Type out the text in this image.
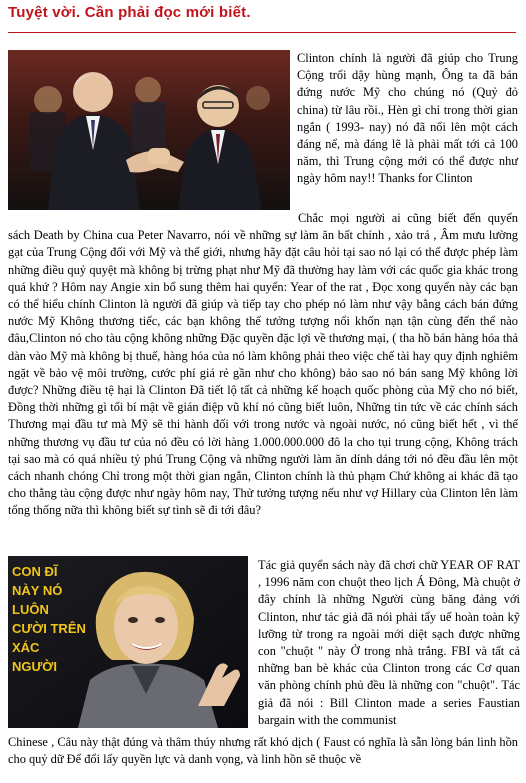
Tuyệt vời. Cần phải đọc mới biết.

Clinton chính là người đã giúp cho Trung Cộng trổi dậy hùng mạnh, Ông ta đã bán đứng nước Mỹ cho chúng nó (Quỷ đỏ china) từ lâu rồi., Hèn gì chỉ trong thời gian ngắn ( 1993- nay) nó đã nổi lên một cách đáng nể, mà đáng lẽ là phải mất tới cả 100 năm, thì Trung cộng mới có thể được như ngày hôm nay!! Thanks for Clinton

Chắc mọi người ai cũng biết đến quyển sách Death by China cua Peter Navarro, nói về những sự làm ăn bất chính , xảo trá , Âm mưu lường gạt của Trung Cộng đối với Mỹ và thế giới, nhưng hãy đặt câu hỏi tại sao nó lại có thể được phép làm những điều quỷ quyệt mà không bị trừng phạt như Mỹ đã thường hay làm với các quốc gia khác trong quá khứ ? Hôm nay Angie xin bổ sung thêm hai quyển: Year of the rat , Đọc xong quyển này các bạn có thể hiểu chính Clinton là người đã giúp và tiếp tay cho phép nó làm như vậy bằng cách bán đứng nước Mỹ Không thương tiếc, các bạn không thể tưởng tượng nổi khốn nạn tận cùng đến thế nào đâu,Clinton nó cho tàu cộng không những Đặc quyền đặc lợi về thương mại, ( tha hồ bán hàng hóa thả dàn vào Mỹ mà không bị thuế, hàng hóa của nó làm không phải theo việc chế tài hay quy định nghiêm ngặt về bảo vệ môi trường, cước phí giá rẻ gần như cho không) bảo sao nó bán sang Mỹ không lời được? Những điều tệ hại là Clinton Đã tiết lộ tất cả những kế hoạch quốc phòng của Mỹ cho nó biết, Đồng thời những gì tối bí mật về gián điệp vũ khí nó cũng biết luôn, Những tin tức về các chính sách Thương mại đầu tư mà Mỹ sẽ thi hành đối với trong nước và ngoài nước, nó cũng biết hết , vì thế những thương vụ đầu tư của nó đều có lời hàng 1.000.000.000 đô la cho tụi trung cộng, Không trách tại sao mà có quá nhiều tỷ phú Trung Cộng và những người làm ăn dính dáng tới nó đều đầu lên một cách nhanh chóng Chỉ trong một thời gian ngắn, Clinton chính là thủ phạm Chứ không ai khác đã tạo cho thằng tàu cộng được như ngày hôm nay, Thử tưởng tượng nếu như vợ Hillary của Clinton lên làm tổng thống nữa thì không biết sự tình sẽ đi tới đâu?

CON ĐĨ NÀY NÓ LUÔN CƯỜI TRÊN XÁC NGƯỜI

Tác giả quyển sách này đã chơi chữ YEAR OF RAT , 1996 năm con chuột theo lịch Á Đông, Mà chuột ở đây chính là những Người cùng băng đảng với Clinton, như tác giả đã nói phải tẩy uế hoàn toàn kỹ lưỡng từ trong ra ngoài mới diệt sạch được những con "chuột " này Ở trong nhà trắng. FBI và tất cả những ban bè khác của Clinton trong các Cơ quan văn phòng chính phủ đều là những con "chuột". Tác giả đã nói : Bill Clinton made a series Faustian bargain with the communist

Chinese , Câu này thật đúng và thâm thúy nhưng rất khó dịch ( Faust có nghĩa là sẵn lòng bán linh hồn cho quỷ dữ Để đổi lấy quyền lực và danh vọng, và linh hồn sẽ thuộc về
